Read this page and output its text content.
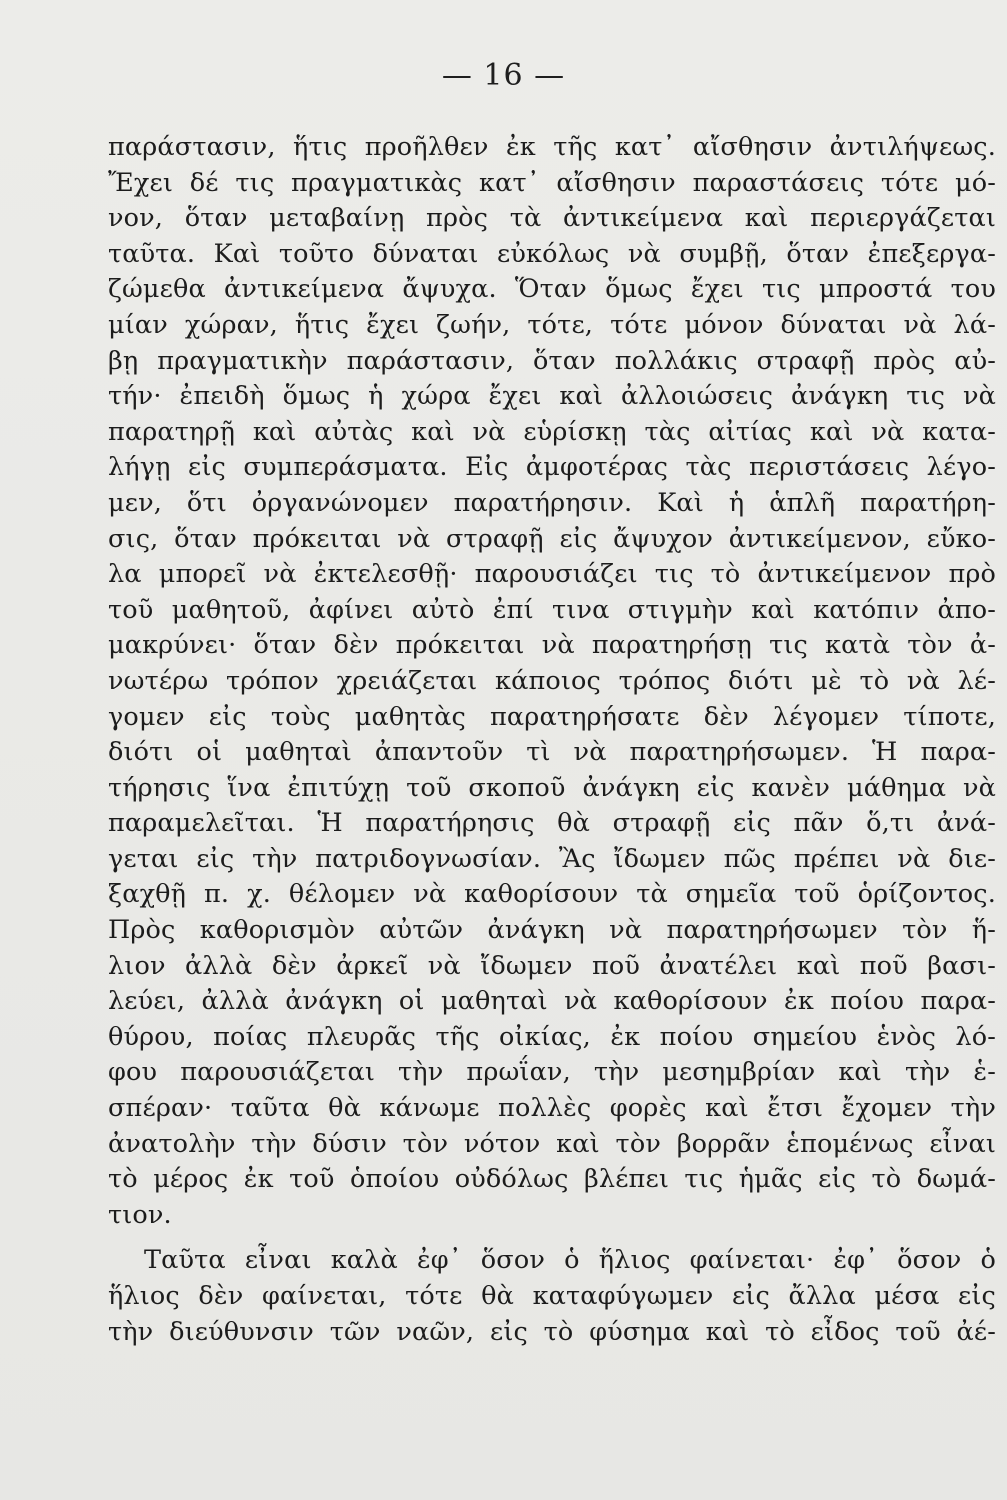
— 16 —
παράστασιν, ἥτις προῆλθεν ἐκ τῆς κατ᾿ αἴσθησιν ἀντιλήψεως.
Ἔχει δέ τις πραγματικὰς κατ᾿ αἴσθησιν παραστάσεις τότε μό-
νον, ὅταν μεταβαίνῃ πρὸς τὰ ἀντικείμενα καὶ περιεργάζεται
ταῦτα. Καὶ τοῦτο δύναται εὐκόλως νὰ συμβῇ, ὅταν ἐπεξεργα-
ζώμεθα ἀντικείμενα ἄψυχα. Ὅταν ὅμως ἔχει τις μπροστά του
μίαν χώραν, ἥτις ἔχει ζωήν, τότε, τότε μόνον δύναται νὰ λά-
βῃ πραγματικὴν παράστασιν, ὅταν πολλάκις στραφῇ πρὸς αὐ-
τήν· ἐπειδὴ ὅμως ἡ χώρα ἔχει καὶ ἀλλοιώσεις ἀνάγκη τις νὰ
παρατηρῇ καὶ αὐτὰς καὶ νὰ εὑρίσκῃ τὰς αἰτίας καὶ νὰ κατα-
λήγῃ εἰς συμπεράσματα. Εἰς ἀμφοτέρας τὰς περιστάσεις λέγο-
μεν, ὅτι ὀργανώνομεν παρατήρησιν. Καὶ ἡ ἁπλῆ παρατήρη-
σις, ὅταν πρόκειται νὰ στραφῇ εἰς ἄψυχον ἀντικείμενον, εὔκο-
λα μπορεῖ νὰ ἐκτελεσθῇ· παρουσιάζει τις τὸ ἀντικείμενον πρὸ
τοῦ μαθητοῦ, ἀφίνει αὐτὸ ἐπί τινα στιγμὴν καὶ κατόπιν ἀπο-
μακρύνει· ὅταν δὲν πρόκειται νὰ παρατηρήσῃ τις κατὰ τὸν ἀ-
νωτέρω τρόπον χρειάζεται κάποιος τρόπος διότι μὲ τὸ νὰ λέ-
γομεν εἰς τοὺς μαθητὰς παρατηρήσατε δὲν λέγομεν τίποτε,
διότι οἱ μαθηταὶ ἀπαντοῦν τὶ νὰ παρατηρήσωμεν. Ἡ παρα-
τήρησις ἵνα ἐπιτύχῃ τοῦ σκοποῦ ἀνάγκη εἰς κανὲν μάθημα νὰ
παραμελεῖται. Ἡ παρατήρησις θὰ στραφῇ εἰς πᾶν ὅ,τι ἀνά-
γεται εἰς τὴν πατριδογνωσίαν. Ἂς ἴδωμεν πῶς πρέπει νὰ διε-
ξαχθῇ π. χ. θέλομεν νὰ καθορίσουν τὰ σημεῖα τοῦ ὁρίζοντος.
Πρὸς καθορισμὸν αὐτῶν ἀνάγκη νὰ παρατηρήσωμεν τὸν ἥ-
λιον ἀλλὰ δὲν ἀρκεῖ νὰ ἴδωμεν ποῦ ἀνατέλει καὶ ποῦ βασι-
λεύει, ἀλλὰ ἀνάγκη οἱ μαθηταὶ νὰ καθορίσουν ἐκ ποίου παρα-
θύρου, ποίας πλευρᾶς τῆς οἰκίας, ἐκ ποίου σημείου ἑνὸς λό-
φου παρουσιάζεται τὴν πρωΐαν, τὴν μεσημβρίαν καὶ τὴν ἑ-
σπέραν· ταῦτα θὰ κάνωμε πολλὲς φορὲς καὶ ἔτσι ἔχομεν τὴν
ἀνατολὴν τὴν δύσιν τὸν νότον καὶ τὸν βορρᾶν ἑπομένως εἶναι
τὸ μέρος ἐκ τοῦ ὁποίου οὐδόλως βλέπει τις ἡμᾶς εἰς τὸ δωμά-
τιον.
Ταῦτα εἶναι καλὰ ἐφ᾿ ὅσον ὁ ἥλιος φαίνεται· ἐφ᾿ ὅσον ὁ
ἥλιος δὲν φαίνεται, τότε θὰ καταφύγωμεν εἰς ἄλλα μέσα εἰς
τὴν διεύθυνσιν τῶν ναῶν, εἰς τὸ φύσημα καὶ τὸ εἶδος τοῦ ἀέ-
